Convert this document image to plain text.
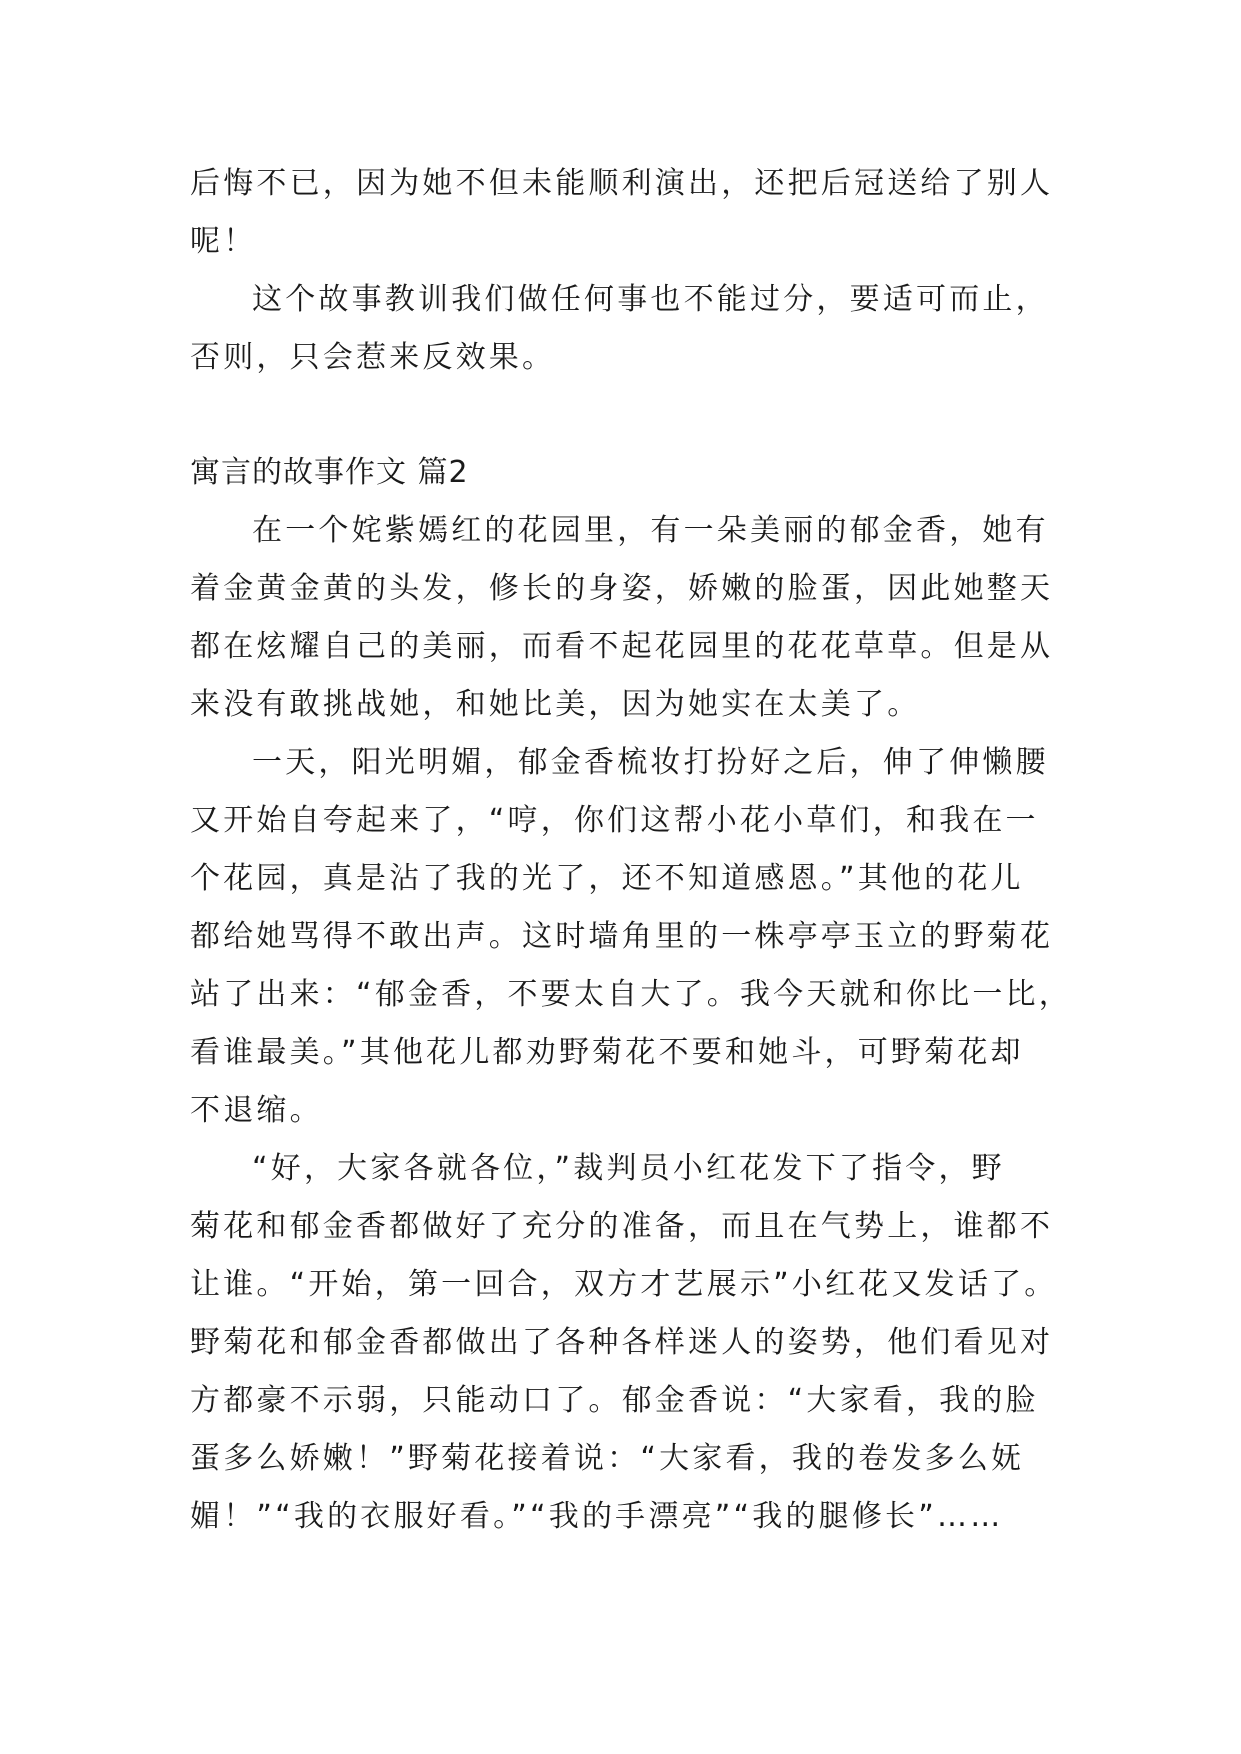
后悔不已，因为她不但未能顺利演出，还把后冠送给了别人
呢！
这个故事教训我们做任何事也不能过分，要适可而止，
否则，只会惹来反效果。
寓言的故事作文 篇2
在一个姹紫嫣红的花园里，有一朵美丽的郁金香，她有
着金黄金黄的头发，修长的身姿，娇嫩的脸蛋，因此她整天
都在炫耀自己的美丽，而看不起花园里的花花草草。但是从
来没有敢挑战她，和她比美，因为她实在太美了。
一天，阳光明媚，郁金香梳妆打扮好之后，伸了伸懒腰
又开始自夸起来了，“哼，你们这帮小花小草们，和我在一
个花园，真是沾了我的光了，还不知道感恩。”其他的花儿
都给她骂得不敢出声。这时墙角里的一株亭亭玉立的野菊花
站了出来：“郁金香，不要太自大了。我今天就和你比一比，
看谁最美。”其他花儿都劝野菊花不要和她斗，可野菊花却
不退缩。
“好，大家各就各位，”裁判员小红花发下了指令，野
菊花和郁金香都做好了充分的准备，而且在气势上，谁都不
让谁。“开始，第一回合，双方才艺展示”小红花又发话了。
野菊花和郁金香都做出了各种各样迷人的姿势，他们看见对
方都豪不示弱，只能动口了。郁金香说：“大家看，我的脸
蛋多么娇嫩！”野菊花接着说：“大家看，我的卷发多么妩
媚！”“我的衣服好看。”“我的手漂亮”“我的腿修长”……
